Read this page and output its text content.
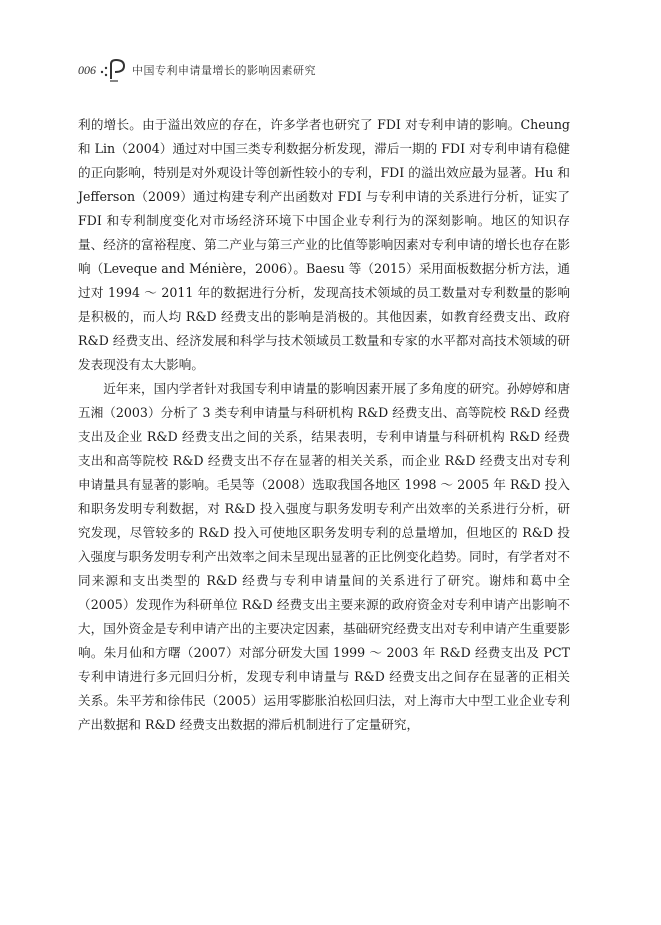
006	中国专利申请量增长的影响因素研究

利的增长。由于溢出效应的存在，许多学者也研究了 FDI 对专利申请的影响。Cheung 和 Lin（2004）通过对中国三类专利数据分析发现，滞后一期的 FDI 对专利申请有稳健的正向影响，特别是对外观设计等创新性较小的专利，FDI 的溢出效应最为显著。Hu 和 Jefferson（2009）通过构建专利产出函数对 FDI 与专利申请的关系进行分析，证实了 FDI 和专利制度变化对市场经济环境下中国企业专利行为的深刻影响。地区的知识存量、经济的富裕程度、第二产业与第三产业的比值等影响因素对专利申请的增长也存在影响（Leveque and Ménière，2006）。Baesu 等（2015）采用面板数据分析方法，通过对 1994 ～ 2011 年的数据进行分析，发现高技术领域的员工数量对专利数量的影响是积极的，而人均 R&D 经费支出的影响是消极的。其他因素，如教育经费支出、政府 R&D 经费支出、经济发展和科学与技术领域员工数量和专家的水平都对高技术领域的研发表现没有太大影响。

近年来，国内学者针对我国专利申请量的影响因素开展了多角度的研究。孙婷婷和唐五湘（2003）分析了 3 类专利申请量与科研机构 R&D 经费支出、高等院校 R&D 经费支出及企业 R&D 经费支出之间的关系，结果表明，专利申请量与科研机构 R&D 经费支出和高等院校 R&D 经费支出不存在显著的相关关系，而企业 R&D 经费支出对专利申请量具有显著的影响。毛昊等（2008）选取我国各地区 1998 ～ 2005 年 R&D 投入和职务发明专利数据，对 R&D 投入强度与职务发明专利产出效率的关系进行分析，研究发现，尽管较多的 R&D 投入可使地区职务发明专利的总量增加，但地区的 R&D 投入强度与职务发明专利产出效率之间未呈现出显著的正比例变化趋势。同时，有学者对不同来源和支出类型的 R&D 经费与专利申请量间的关系进行了研究。谢炜和葛中全（2005）发现作为科研单位 R&D 经费支出主要来源的政府资金对专利申请产出影响不大，国外资金是专利申请产出的主要决定因素，基础研究经费支出对专利申请产生重要影响。朱月仙和方曙（2007）对部分研发大国 1999 ～ 2003 年 R&D 经费支出及 PCT 专利申请进行多元回归分析，发现专利申请量与 R&D 经费支出之间存在显著的正相关关系。朱平芳和徐伟民（2005）运用零膨胀泊松回归法，对上海市大中型工业企业专利产出数据和 R&D 经费支出数据的滞后机制进行了定量研究，
